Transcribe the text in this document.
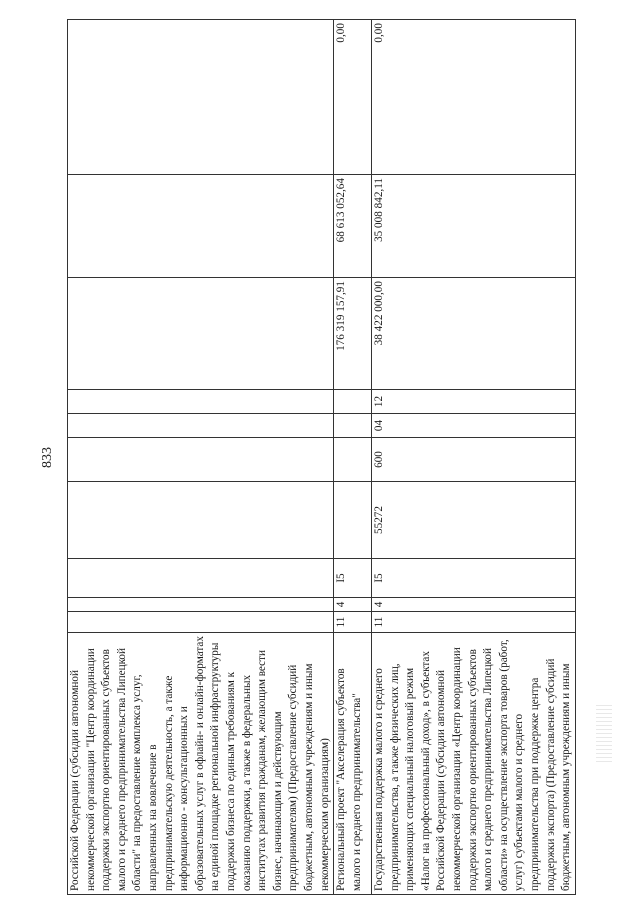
833
Российской Федерации (субсидии автономной некоммерческой организации "Центр координации поддержки экспортно ориентированных субъектов малого и среднего предпринимательства Липецкой области" на предоставление комплекса услуг, направленных на вовлечение в предпринимательскую деятельность, а также информационно - консультационных и образовательных услуг в офлайн- и онлайн-форматах на единой площадке региональной инфраструктуры поддержки бизнеса по единым требованиям к оказанию поддержки, а также в федеральных институтах развития гражданам, желающим вести бизнес, начинающим и действующим предпринимателям) (Предоставление субсидий бюджетным, автономным учреждениям и иным некоммерческим организациям)										
Региональный проект "Акселерация субъектов малого и среднего предпринимательства"	11	4	I5					176 319 157,91	68 613 052,64	0,00
Государственная поддержка малого и среднего предпринимательства, а также физических лиц, применяющих специальный налоговый режим «Налог на профессиональный доход», в субъектах Российской Федерации (субсидии автономной некоммерческой организации «Центр координации поддержки экспортно ориентированных субъектов малого и среднего предпринимательства Липецкой области» на осуществление экспорта товаров (работ, услуг) субъектами малого и среднего предпринимательства при поддержке центра поддержки экспорта) (Предоставление субсидий бюджетным, автономным учреждениям и иным	11	4	I5	55272	600	04	12	38 422 000,00	35 008 842,11	0,00
